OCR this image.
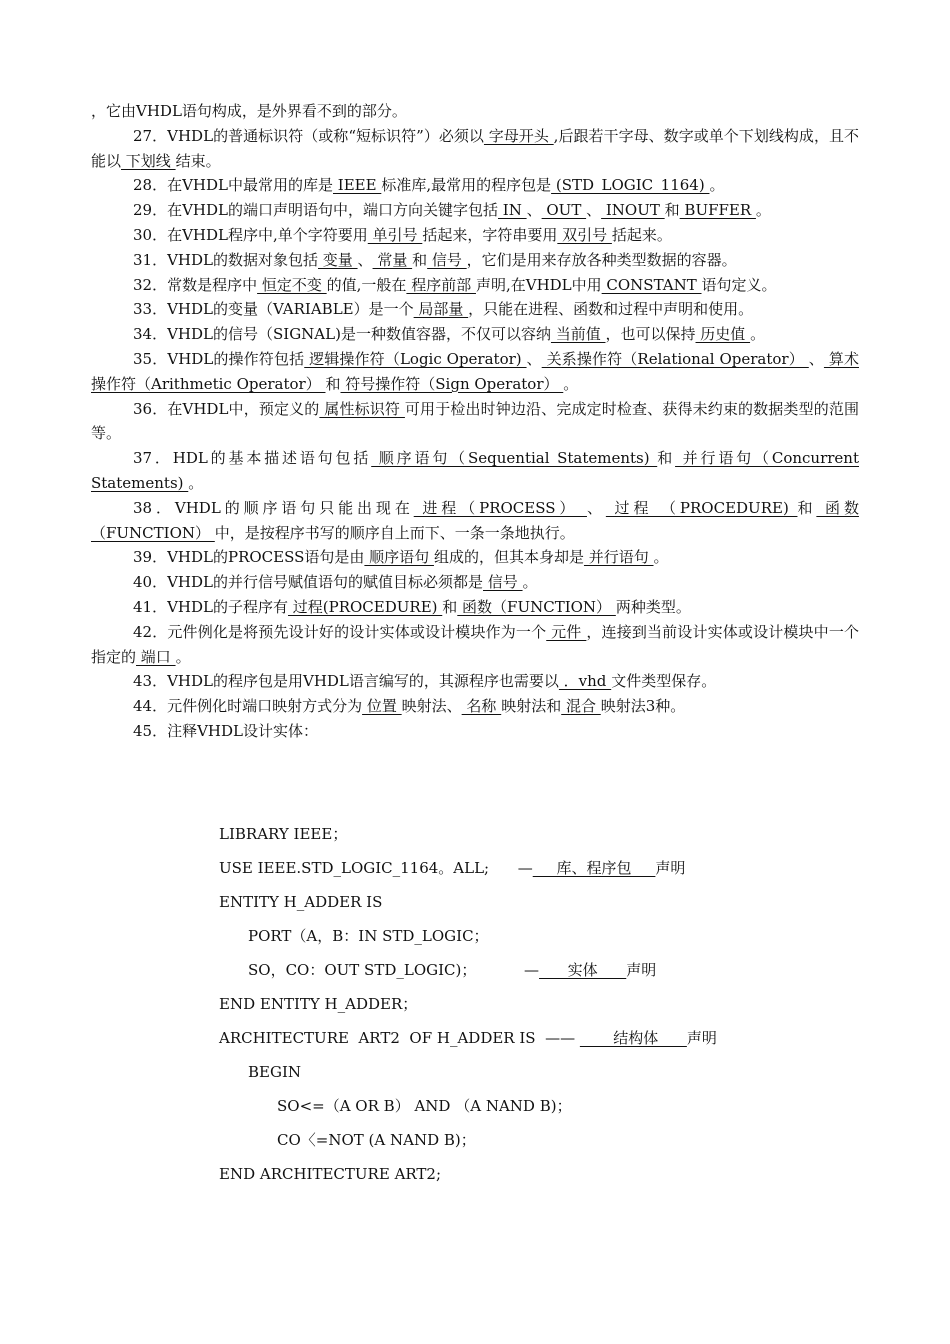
，它由VHDL语句构成，是外界看不到的部分。

27．VHDL的普通标识符（或称“短标识符”）必须以 字母开头 ,后跟若干字母、数字或单个下划线构成，且不能以 下划线 结束。

28．在VHDL中最常用的库是 IEEE 标准库,最常用的程序包是 (STD_LOGIC_1164) 。

29．在VHDL的端口声明语句中，端口方向关键字包括 IN 、 OUT 、 INOUT 和 BUFFER 。

30．在VHDL程序中,单个字符要用 单引号 括起来，字符串要用 双引号 括起来。

31．VHDL的数据对象包括 变量 、 常量 和 信号 ，它们是用来存放各种类型数据的容器。

32．常数是程序中 恒定不变 的值,一般在 程序前部 声明,在VHDL中用 CONSTANT 语句定义。

33．VHDL的变量（VARIABLE）是一个 局部量 ，只能在进程、函数和过程中声明和使用。

34．VHDL的信号（SIGNAL)是一种数值容器，不仅可以容纳 当前值 ，也可以保持 历史值 。

35．VHDL的操作符包括 逻辑操作符（Logic Operator) 、 关系操作符（Relational Operator） 、 算术操作符（Arithmetic Operator） 和 符号操作符（Sign Operator） 。

36．在VHDL中，预定义的 属性标识符 可用于检出时钟边沿、完成定时检查、获得未约束的数据类型的范围等。

37．HDL的基本描述语句包括 顺序语句（Sequential Statements) 和 并行语句（Concurrent Statements) 。

38．VHDL的顺序语句只能出现在 进程（PROCESS） 、 过程 （PROCEDURE) 和 函数（FUNCTION） 中，是按程序书写的顺序自上而下、一条一条地执行。

39．VHDL的PROCESS语句是由 顺序语句 组成的，但其本身却是 并行语句 。

40．VHDL的并行信号赋值语句的赋值目标必须都是 信号 。

41．VHDL的子程序有 过程(PROCEDURE) 和 函数（FUNCTION） 两种类型。

42．元件例化是将预先设计好的设计实体或设计模块作为一个 元件 ，连接到当前设计实体或设计模块中一个指定的 端口 。

43．VHDL的程序包是用VHDL语言编写的，其源程序也需要以 ．vhd 文件类型保存。

44．元件例化时端口映射方式分为 位置 映射法、 名称 映射法和 混合 映射法3种。

45．注释VHDL设计实体：

LIBRARY IEEE；
USE IEEE.STD_LOGIC_1164。ALL;      —     库、程序包     声明
ENTITY H_ADDER IS
PORT（A，B：IN STD_LOGIC；
SO，CO：OUT STD_LOGIC)；          —      实体      声明
END ENTITY H_ADDER；
ARCHITECTURE  ART2  OF H_ADDER IS  ——        结构体      声明
BEGIN
SO<=（A OR B） AND （A NAND B)；
CO〈=NOT (A NAND B)；
END ARCHITECTURE ART2;
